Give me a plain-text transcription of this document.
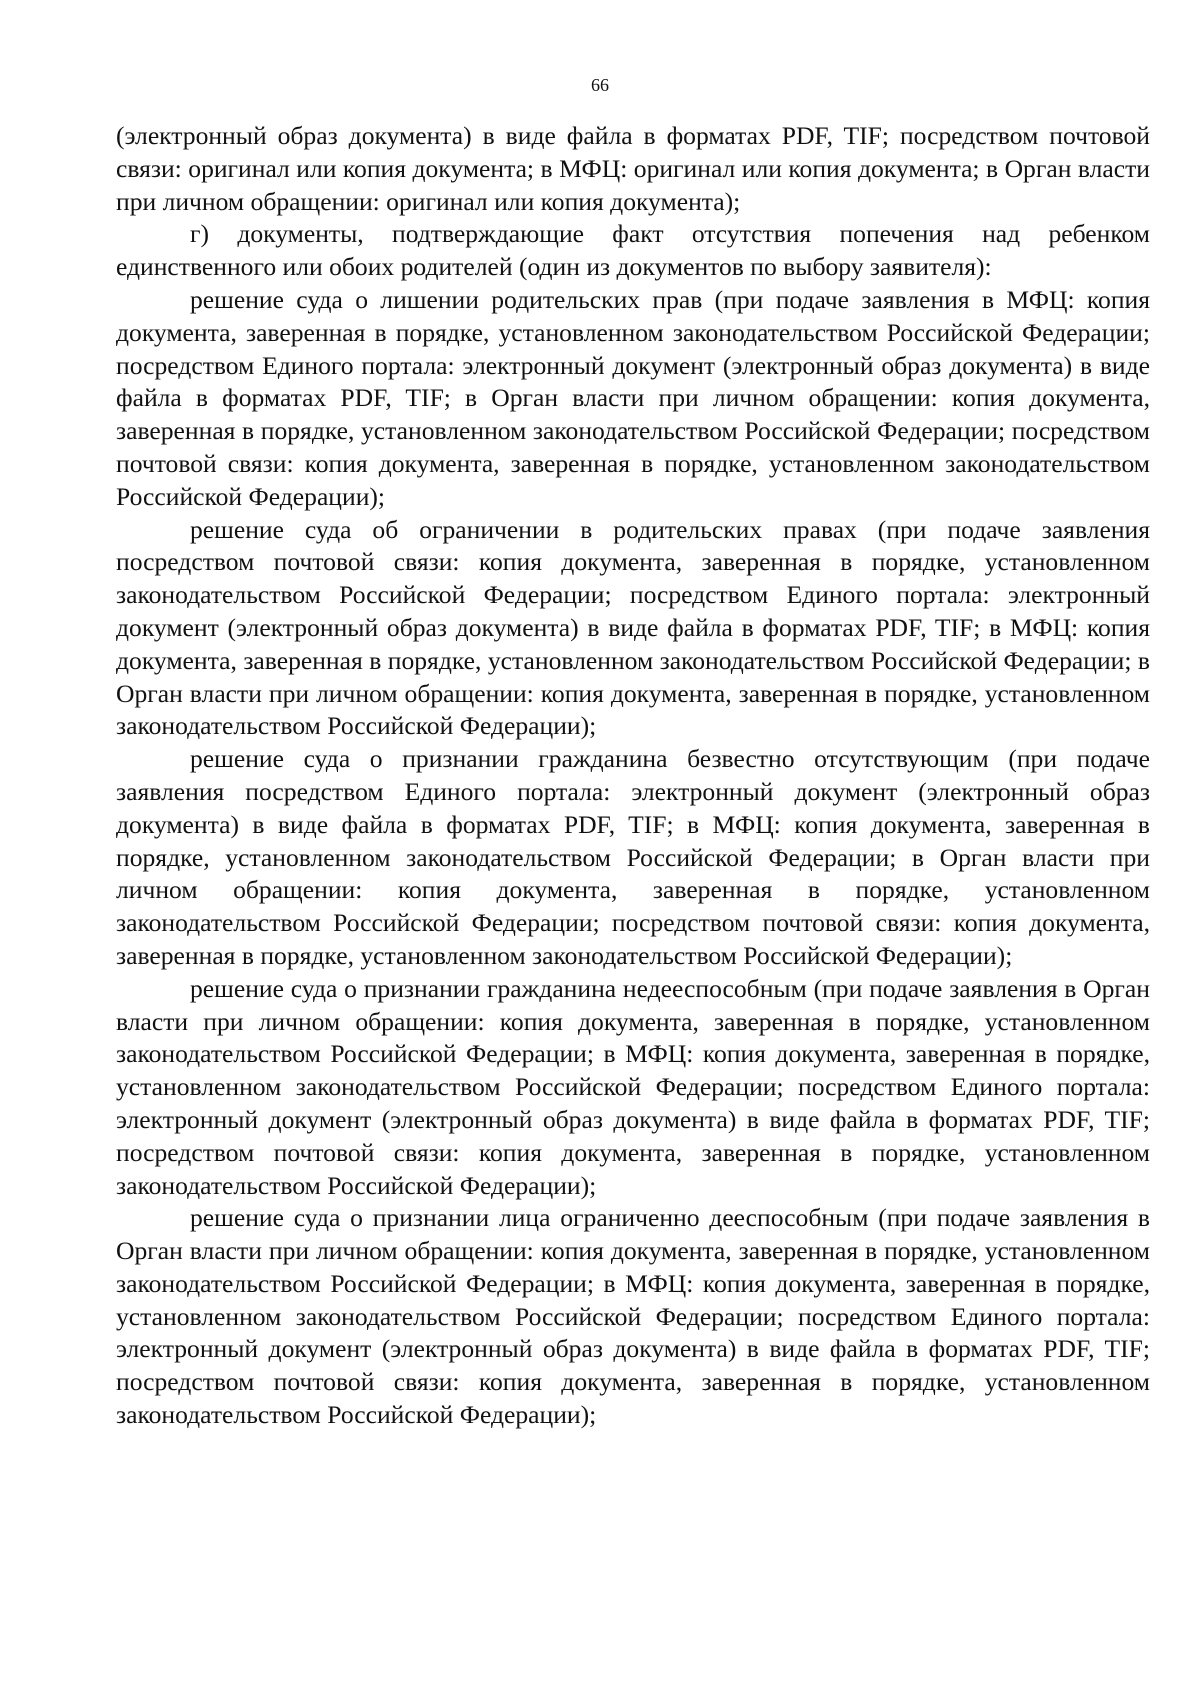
66

(электронный образ документа) в виде файла в форматах PDF, TIF; посредством почтовой связи: оригинал или копия документа; в МФЦ: оригинал или копия документа; в Орган власти при личном обращении: оригинал или копия документа);

г) документы, подтверждающие факт отсутствия попечения над ребенком единственного или обоих родителей (один из документов по выбору заявителя):

решение суда о лишении родительских прав (при подаче заявления в МФЦ: копия документа, заверенная в порядке, установленном законодательством Российской Федерации; посредством Единого портала: электронный документ (электронный образ документа) в виде файла в форматах PDF, TIF; в Орган власти при личном обращении: копия документа, заверенная в порядке, установленном законодательством Российской Федерации; посредством почтовой связи: копия документа, заверенная в порядке, установленном законодательством Российской Федерации);

решение суда об ограничении в родительских правах (при подаче заявления посредством почтовой связи: копия документа, заверенная в порядке, установленном законодательством Российской Федерации; посредством Единого портала: электронный документ (электронный образ документа) в виде файла в форматах PDF, TIF; в МФЦ: копия документа, заверенная в порядке, установленном законодательством Российской Федерации; в Орган власти при личном обращении: копия документа, заверенная в порядке, установленном законодательством Российской Федерации);

решение суда о признании гражданина безвестно отсутствующим (при подаче заявления посредством Единого портала: электронный документ (электронный образ документа) в виде файла в форматах PDF, TIF; в МФЦ: копия документа, заверенная в порядке, установленном законодательством Российской Федерации; в Орган власти при личном обращении: копия документа, заверенная в порядке, установленном законодательством Российской Федерации; посредством почтовой связи: копия документа, заверенная в порядке, установленном законодательством Российской Федерации);

решение суда о признании гражданина недееспособным (при подаче заявления в Орган власти при личном обращении: копия документа, заверенная в порядке, установленном законодательством Российской Федерации; в МФЦ: копия документа, заверенная в порядке, установленном законодательством Российской Федерации; посредством Единого портала: электронный документ (электронный образ документа) в виде файла в форматах PDF, TIF; посредством почтовой связи: копия документа, заверенная в порядке, установленном законодательством Российской Федерации);

решение суда о признании лица ограниченно дееспособным (при подаче заявления в Орган власти при личном обращении: копия документа, заверенная в порядке, установленном законодательством Российской Федерации; в МФЦ: копия документа, заверенная в порядке, установленном законодательством Российской Федерации; посредством Единого портала: электронный документ (электронный образ документа) в виде файла в форматах PDF, TIF; посредством почтовой связи: копия документа, заверенная в порядке, установленном законодательством Российской Федерации);
